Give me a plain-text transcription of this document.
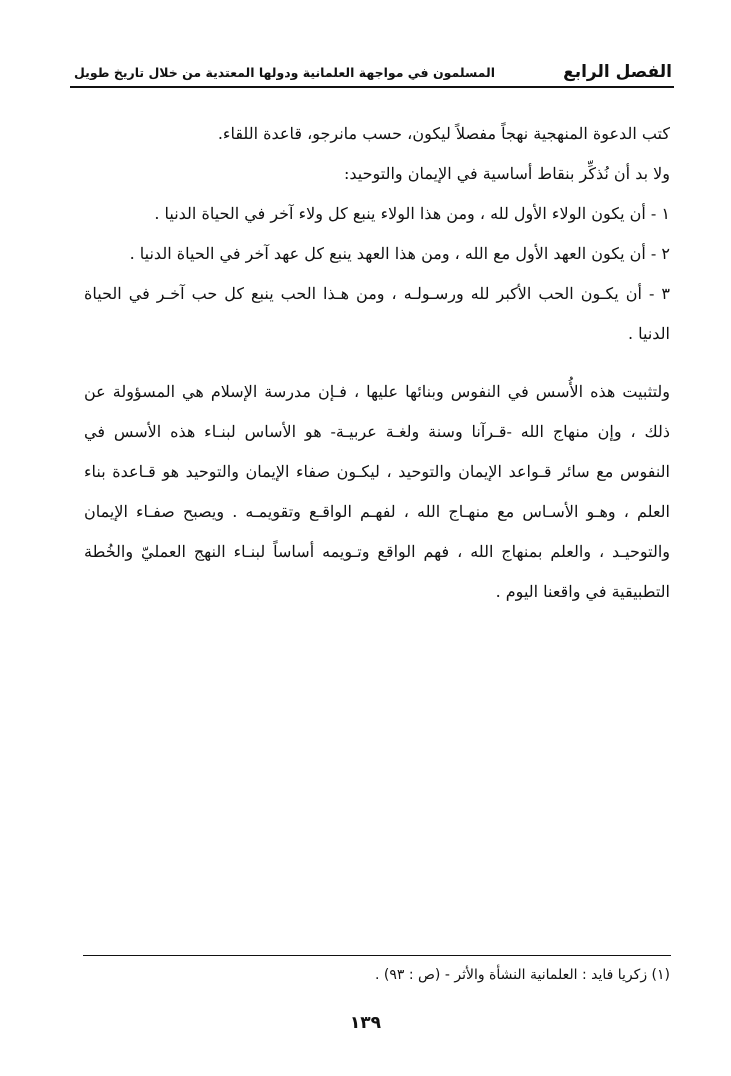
الفصل الرابع
المسلمون في مواجهة العلمانية ودولها المعتدية من خلال تاريخ طويل

كتب الدعوة المنهجية نهجاً مفصلاً ليكون، حسب مانرجو، قاعدة اللقاء.

ولا بد أن نُذكِّر بنقاط أساسية في الإيمان والتوحيد:

١ - أن يكون الولاء الأول لله ، ومن هذا الولاء ينبع كل ولاء آخر في الحياة الدنيا .

٢ - أن يكون العهد الأول مع الله ، ومن هذا العهد ينبع كل عهد آخر في الحياة الدنيا .

٣ - أن يكـون الحب الأكبر لله ورسـولـه ، ومن هـذا الحب ينبع كل حب آخـر في الحياة الدنيا .

ولتثبيت هذه الأُسس في النفوس وبنائها عليها ، فـإن مدرسة الإسلام هي المسؤولة عن ذلك ، وإن منهاج الله -قـرآنا وسنة ولغـة عربيـة- هو الأساس لبنـاء هذه الأسس في النفوس مع سائر قـواعد الإيمان والتوحيد ، ليكـون صفاء الإيمان والتوحيد هو قـاعدة بناء العلم ، وهـو الأسـاس مع منهـاج الله ، لفهـم الواقـع وتقويمـه . ويصبح صفـاء الإيمان والتوحيـد ، والعلم بمنهاج الله ، فهم الواقع وتـويمه أساساً لبنـاء النهج العمليّ والخُطة التطبيقية في واقعنا اليوم .

(١) زكريا فايد : العلمانية النشأة والأثر - (ص : ٩٣) .
١٣٩
